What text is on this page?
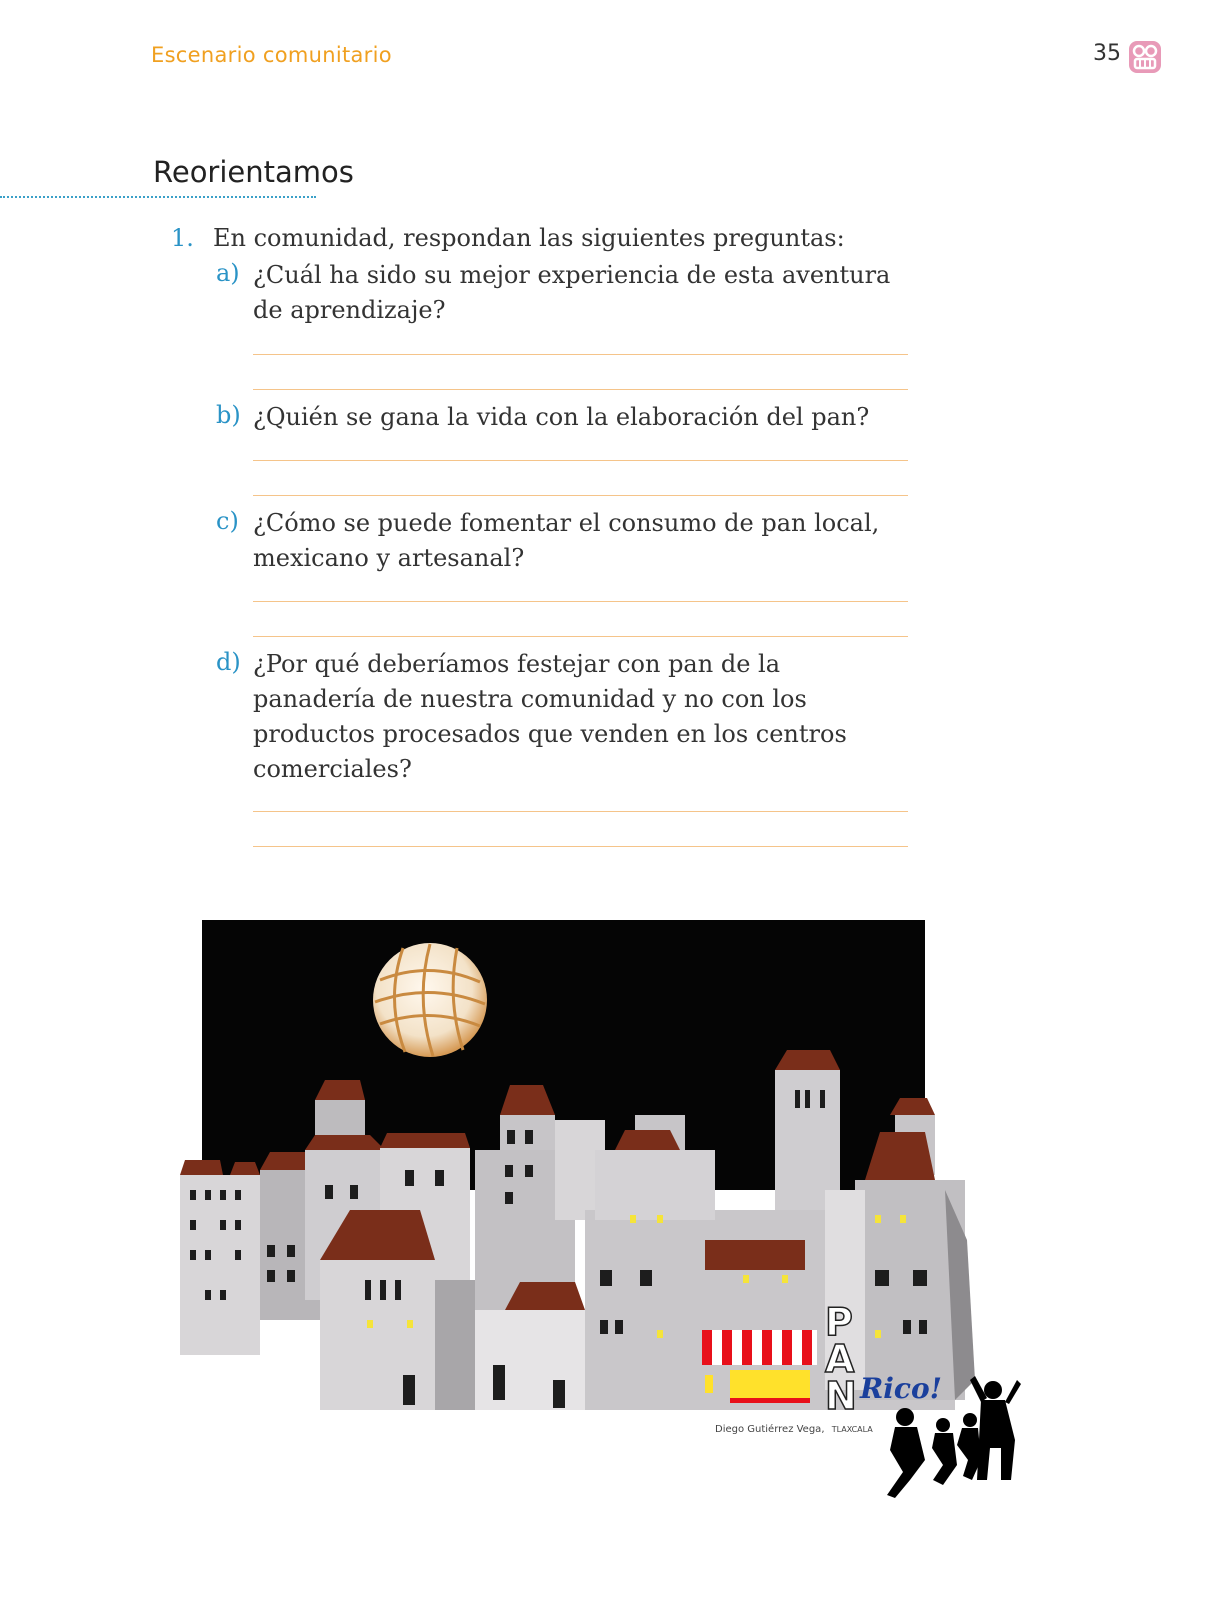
Escenario comunitario	35
Reorientamos
1. En comunidad, respondan las siguientes preguntas:
a) ¿Cuál ha sido su mejor experiencia de esta aventura
de aprendizaje?
b) ¿Quién se gana la vida con la elaboración del pan?
c) ¿Cómo se puede fomentar el consumo de pan local,
mexicano y artesanal?
d) ¿Por qué deberíamos festejar con pan de la
panadería de nuestra comunidad y no con los
productos procesados que venden en los centros
comerciales?
P
A
N Rico!
Diego Gutiérrez Vega, TLAXCALA
